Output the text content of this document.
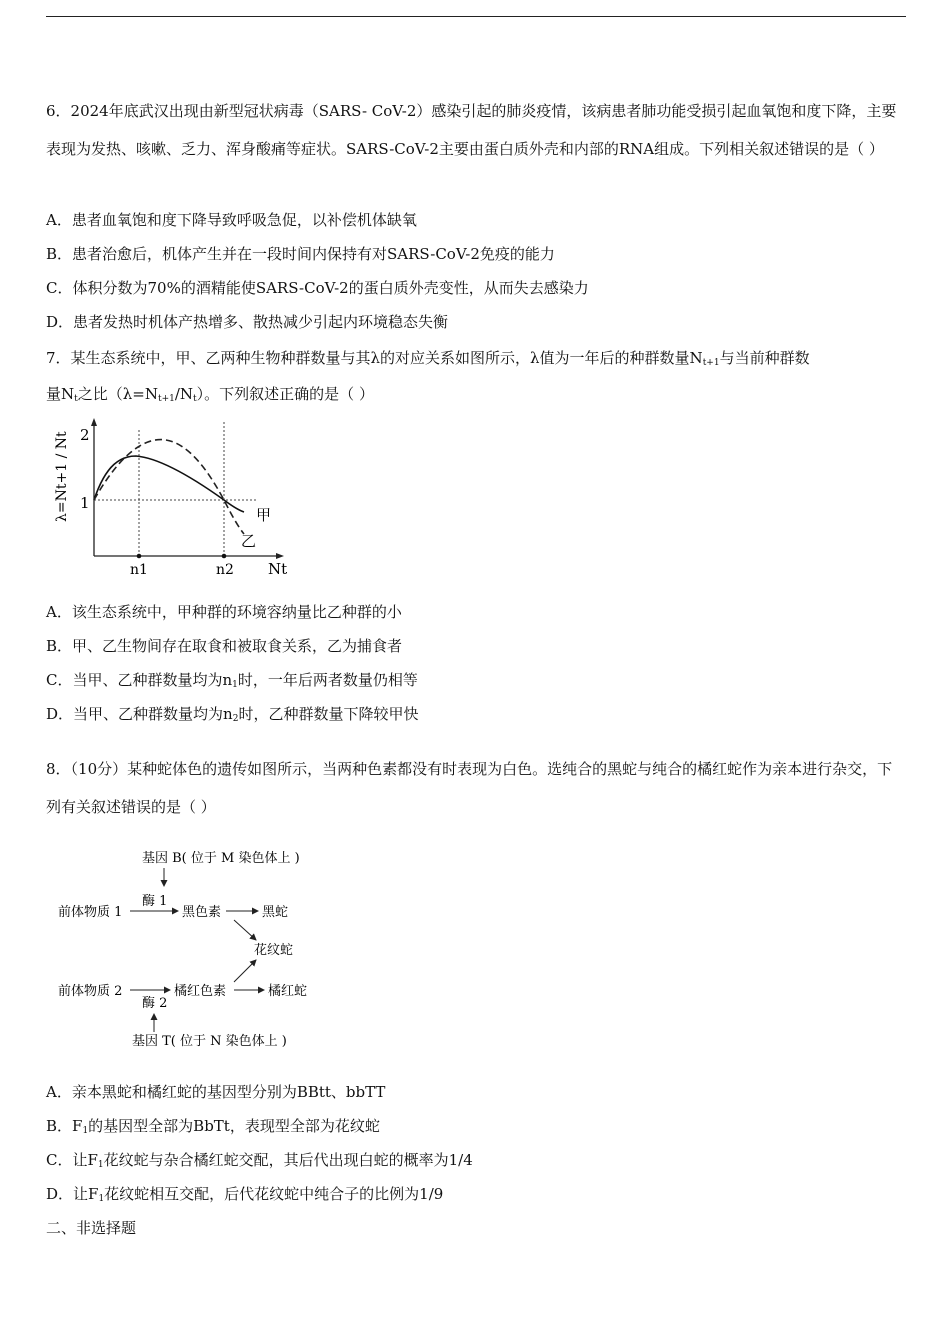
6．2024年底武汉出现由新型冠状病毒（SARS- CoV-2）感染引起的肺炎疫情，该病患者肺功能受损引起血氧饱和度下降，主要表现为发热、咳嗽、乏力、浑身酸痛等症状。SARS-CoV-2主要由蛋白质外壳和内部的RNA组成。下列相关叙述错误的是（ ）
A．患者血氧饱和度下降导致呼吸急促，以补偿机体缺氧
B．患者治愈后，机体产生并在一段时间内保持有对SARS-CoV-2免疫的能力
C．体积分数为70%的酒精能使SARS-CoV-2的蛋白质外壳变性，从而失去感染力
D．患者发热时机体产热增多、散热减少引起内环境稳态失衡
7．某生态系统中，甲、乙两种生物种群数量与其λ的对应关系如图所示，λ值为一年后的种群数量$N_{t+1}$与当前种群数
量$N_t$之比$(\lambda=N_{t+1}/N_t)$。下列叙述正确的是（ ）
1
2
n1	n2 Nt
甲
乙
λ=Nt+1 / Nt
A．该生态系统中，甲种群的环境容纳量比乙种群的小
B．甲、乙生物间存在取食和被取食关系，乙为捕食者
C．当甲、乙种群数量均为$n_1$时，一年后两者数量仍相等
D．当甲、乙种群数量均为$n_2$时，乙种群数量下降较甲快
8．（10分）某种蛇体色的遗传如图所示，当两种色素都没有时表现为白色。选纯合的黑蛇与纯合的橘红蛇作为亲本进行杂交，下列有关叙述错误的是（ ）
基因 B( 位于 M 染色体上 )
酶 1
前体物质 1	黑色素	黑蛇
花纹蛇
前体物质 2	橘红色素	橘红蛇
酶 2
基因 T( 位于 N 染色体上 )
A．亲本黑蛇和橘红蛇的基因型分别为BBtt、bbTT
B．$F_1$的基因型全部为BbTt，表现型全部为花纹蛇
C．让$F_1$花纹蛇与杂合橘红蛇交配，其后代出现白蛇的概率为1/4
D．让$F_1$花纹蛇相互交配，后代花纹蛇中纯合子的比例为1/9
二、非选择题
